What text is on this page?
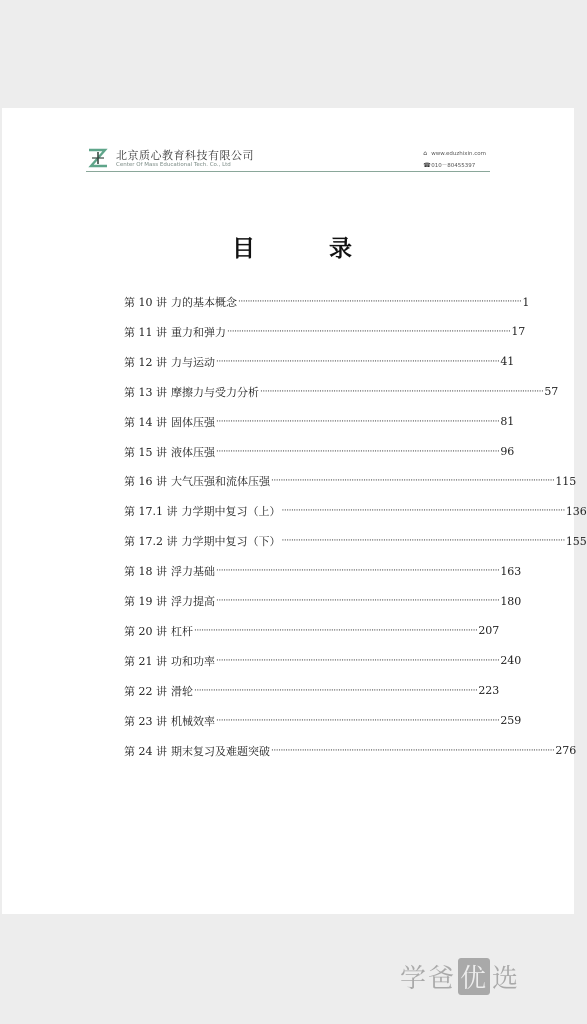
北京质心教育科技有限公司
Center Of Mass Educational Tech. Co., Ltd
⌂ www.eduzhixin.com
☎010－80455397
目	录
第 10 讲 力的基本概念 ························································································································ 1
第 11 讲 重力和弹力 ························································································································ 17
第 12 讲 力与运动 ························································································································ 41
第 13 讲 摩擦力与受力分析 ························································································································ 57
第 14 讲 固体压强 ························································································································ 81
第 15 讲 液体压强 ························································································································ 96
第 16 讲 大气压强和流体压强 ························································································································ 115
第 17.1 讲 力学期中复习（上） ························································································································ 136
第 17.2 讲 力学期中复习（下） ························································································································ 155
第 18 讲 浮力基础 ························································································································ 163
第 19 讲 浮力提高 ························································································································ 180
第 20 讲 杠杆 ························································································································ 207
第 21 讲 功和功率 ························································································································ 240
第 22 讲 滑轮 ························································································································ 223
第 23 讲 机械效率 ························································································································ 259
第 24 讲 期末复习及难题突破 ························································································································ 276
学爸 优 选
